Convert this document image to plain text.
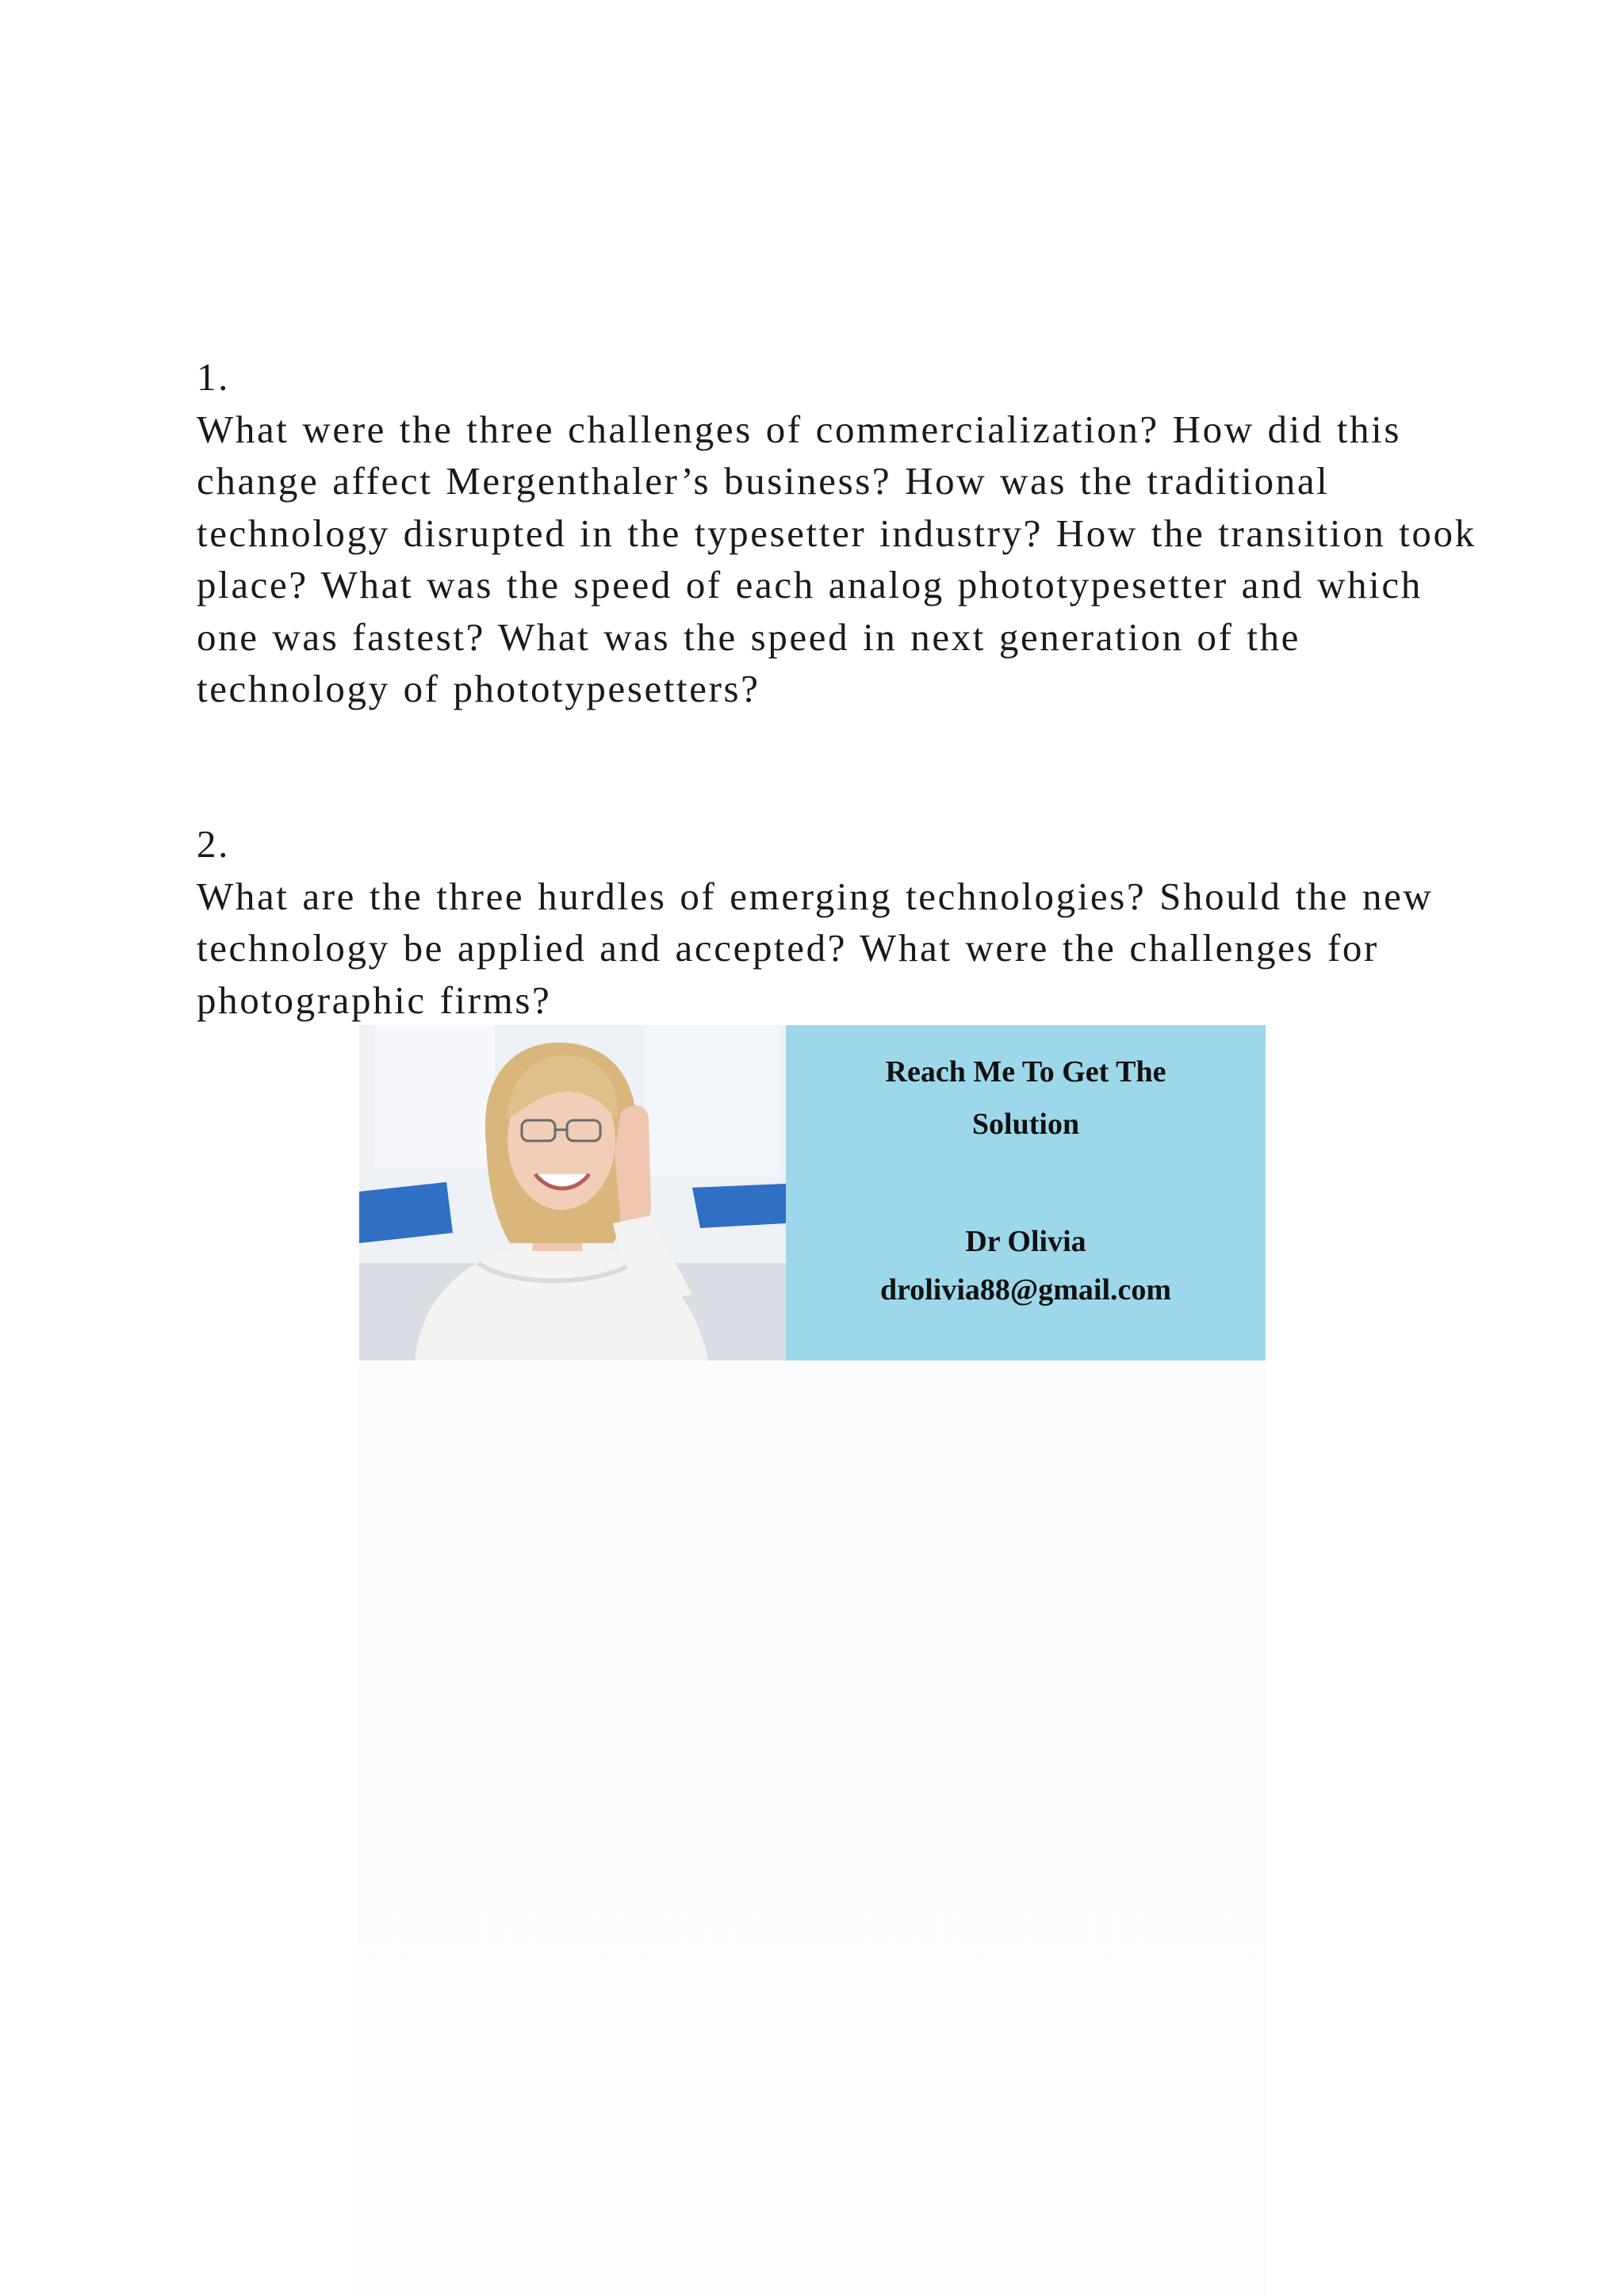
1.
What were the three challenges of commercialization? How did this change affect Mergenthaler’s business? How was the traditional technology disrupted in the typesetter industry? How the transition took place? What was the speed of each analog phototypesetter and which one was fastest? What was the speed in next generation of the technology of phototypesetters?
2.
What are the three hurdles of emerging technologies? Should the new technology be applied and accepted? What were the challenges for photographic firms?
Reach Me To Get The
Solution
Dr Olivia
drolivia88@gmail.com
